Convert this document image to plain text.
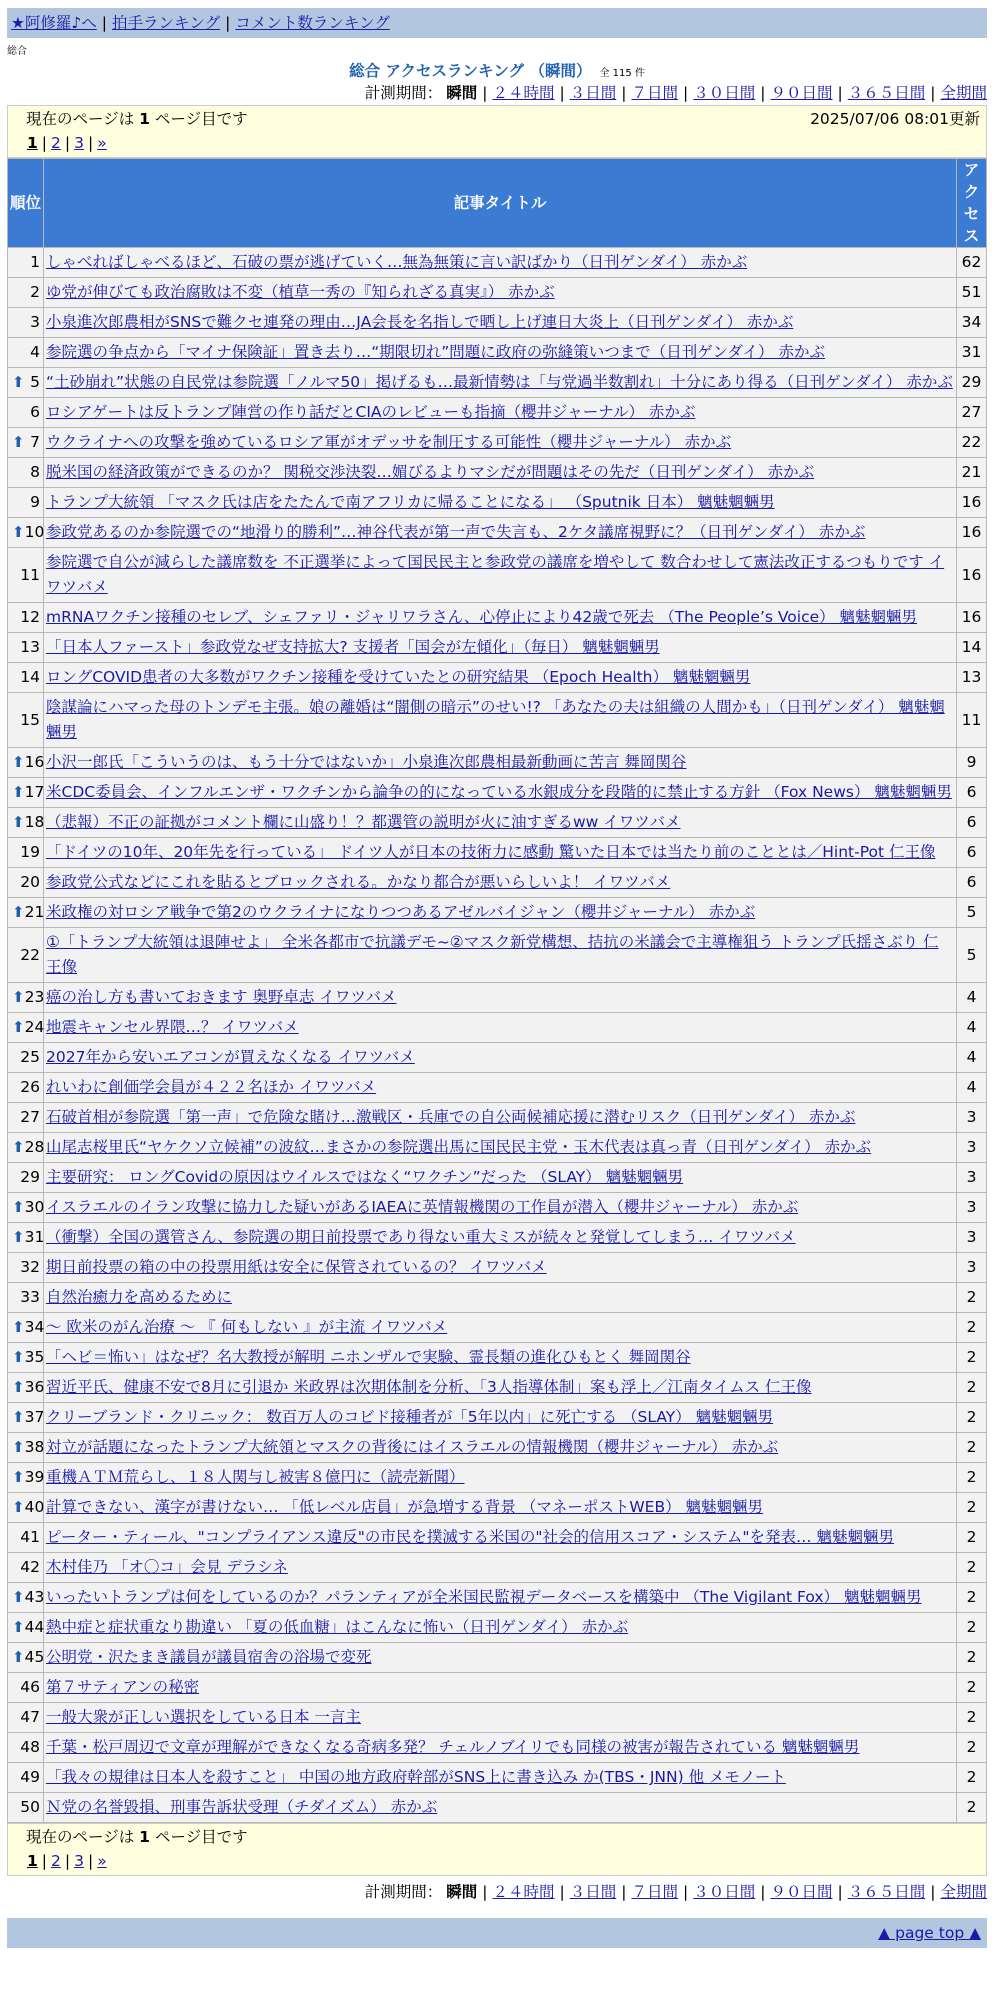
★阿修羅♪へ | 拍手ランキング | コメント数ランキング
総合
総合 アクセスランキング （瞬間） 全 115 件
計測期間： 瞬間 | ２４時間 | ３日間 | ７日間 | ３０日間 | ９０日間 | ３６５日間 | 全期間
現在のページは 1 ページ目です	2025/07/06 08:01更新
1 | 2 | 3 | »
順位	記事タイトル	アクセス
1	しゃべればしゃべるほど、石破の票が逃げていく…無為無策に言い訳ばかり（日刊ゲンダイ） 赤かぶ	62
2	ゆ党が伸びても政治腐敗は不変（植草一秀の『知られざる真実』） 赤かぶ	51
3	小泉進次郎農相がSNSで難クセ連発の理由…JA会長を名指しで晒し上げ連日大炎上（日刊ゲンダイ） 赤かぶ	34
4	参院選の争点から「マイナ保険証」置き去り…“期限切れ”問題に政府の弥縫策いつまで（日刊ゲンダイ） 赤かぶ	31

⬆ 5	“土砂崩れ”状態の自民党は参院選「ノルマ50」掲げるも…最新情勢は「与党過半数割れ」十分にあり得る（日刊ゲンダイ） 赤かぶ	29
6	ロシアゲートは反トランプ陣営の作り話だとCIAのレビューも指摘（櫻井ジャーナル） 赤かぶ	27

⬆ 7	ウクライナへの攻撃を強めているロシア軍がオデッサを制圧する可能性（櫻井ジャーナル） 赤かぶ	22
8	脱米国の経済政策ができるのか？ 関税交渉決裂…媚びるよりマシだが問題はその先だ（日刊ゲンダイ） 赤かぶ	21
9	トランプ大統領 「マスク氏は店をたたんで南アフリカに帰ることになる」 （Sputnik 日本） 魑魅魍魎男	16

⬆ 10	参政党あるのか参院選での“地滑り的勝利”…神谷代表が第一声で失言も、2ケタ議席視野に？（日刊ゲンダイ） 赤かぶ	16
11	参院選で自公が減らした議席数を 不正選挙によって国民民主と参政党の議席を増やして 数合わせして憲法改正するつもりです イワツバメ	16
12	mRNAワクチン接種のセレブ、シェファリ・ジャリワラさん、心停止により42歳で死去 （The People’s Voice） 魑魅魍魎男	16
13	「日本人ファースト」参政党なぜ支持拡大? 支援者「国会が左傾化」（毎日） 魑魅魍魎男	14
14	ロングCOVID患者の大多数がワクチン接種を受けていたとの研究結果 （Epoch Health） 魑魅魍魎男	13
15	陰謀論にハマった母のトンデモ主張。娘の離婚は“闇側の暗示”のせい!? 「あなたの夫は組織の人間かも」（日刊ゲンダイ） 魑魅魍魎男	11

⬆ 16	小沢一郎氏「こういうのは、もう十分ではないか」小泉進次郎農相最新動画に苦言 舞岡関谷	9

⬆ 17	米CDC委員会、インフルエンザ・ワクチンから論争の的になっている水銀成分を段階的に禁止する方針 （Fox News） 魑魅魍魎男	6

⬆ 18	（悲報）不正の証拠がコメント欄に山盛り！？都選管の説明が火に油すぎるww イワツバメ	6
19	「ドイツの10年、20年先を行っている」 ドイツ人が日本の技術力に感動 驚いた日本では当たり前のこととは／Hint-Pot 仁王像	6
20	参政党公式などにこれを貼るとブロックされる。かなり都合が悪いらしいよ！ イワツバメ	6

⬆ 21	米政権の対ロシア戦争で第2のウクライナになりつつあるアゼルバイジャン（櫻井ジャーナル） 赤かぶ	5
22	①「トランプ大統領は退陣せよ」 全米各都市で抗議デモ~②マスク新党構想、拮抗の米議会で主導権狙う トランプ氏揺さぶり 仁王像	5

⬆ 23	癌の治し方も書いておきます 奥野卓志 イワツバメ	4

⬆ 24	地震キャンセル界隈…？ イワツバメ	4
25	2027年から安いエアコンが買えなくなる イワツバメ	4
26	れいわに創価学会員が４２２名ほか イワツバメ	4
27	石破首相が参院選「第一声」で危険な賭け…激戦区・兵庫での自公両候補応援に潜むリスク（日刊ゲンダイ） 赤かぶ	3

⬆ 28	山尾志桜里氏“ヤケクソ立候補”の波紋…まさかの参院選出馬に国民民主党・玉木代表は真っ青（日刊ゲンダイ） 赤かぶ	3
29	主要研究： ロングCovidの原因はウイルスではなく“ワクチン”だった （SLAY） 魑魅魍魎男	3

⬆ 30	イスラエルのイラン攻撃に協力した疑いがあるIAEAに英情報機関の工作員が潜入（櫻井ジャーナル） 赤かぶ	3

⬆ 31	（衝撃）全国の選管さん、参院選の期日前投票であり得ない重大ミスが続々と発覚してしまう… イワツバメ	3
32	期日前投票の箱の中の投票用紙は安全に保管されているの？ イワツバメ	3
33	自然治癒力を高めるために	2

⬆ 34	～ 欧米のがん治療 ～ 『 何もしない 』が主流 イワツバメ	2

⬆ 35	「ヘビ＝怖い」はなぜ？名大教授が解明 ニホンザルで実験、霊長類の進化ひもとく 舞岡関谷	2

⬆ 36	習近平氏、健康不安で8月に引退か 米政界は次期体制を分析、「3人指導体制」案も浮上／江南タイムス 仁王像	2

⬆ 37	クリーブランド・クリニック： 数百万人のコビド接種者が「5年以内」に死亡する （SLAY） 魑魅魍魎男	2

⬆ 38	対立が話題になったトランプ大統領とマスクの背後にはイスラエルの情報機関（櫻井ジャーナル） 赤かぶ	2

⬆ 39	重機ＡＴＭ荒らし、１８人関与し被害８億円に（読売新聞）	2

⬆ 40	計算できない、漢字が書けない… 「低レベル店員」が急増する背景 （マネーポストWEB） 魑魅魍魎男	2
41	ピーター・ティール、"コンプライアンス違反"の市民を撲滅する米国の"社会的信用スコア・システム"を発表… 魑魅魍魎男	2
42	木村佳乃 「オ〇コ」会見 デラシネ	2

⬆ 43	いったいトランプは何をしているのか？パランティアが全米国民監視データベースを構築中 （The Vigilant Fox） 魑魅魍魎男	2

⬆ 44	熱中症と症状重なり勘違い 「夏の低血糖」はこんなに怖い（日刊ゲンダイ） 赤かぶ	2

⬆ 45	公明党・沢たまき議員が議員宿舎の浴場で変死	2
46	第７サティアンの秘密	2
47	一般大衆が正しい選択をしている日本 一言主	2
48	千葉・松戸周辺で文章が理解ができなくなる奇病多発？ チェルノブイリでも同様の被害が報告されている 魑魅魍魎男	2
49	「我々の規律は日本人を殺すこと」 中国の地方政府幹部がSNS上に書き込み か(TBS・JNN) 他 メモノート	2
50	Ｎ党の名誉毀損、刑事告訴状受理（チダイズム） 赤かぶ	2
現在のページは 1 ページ目です
1 | 2 | 3 | »
計測期間： 瞬間 | ２４時間 | ３日間 | ７日間 | ３０日間 | ９０日間 | ３６５日間 | 全期間
▲ page top ▲
